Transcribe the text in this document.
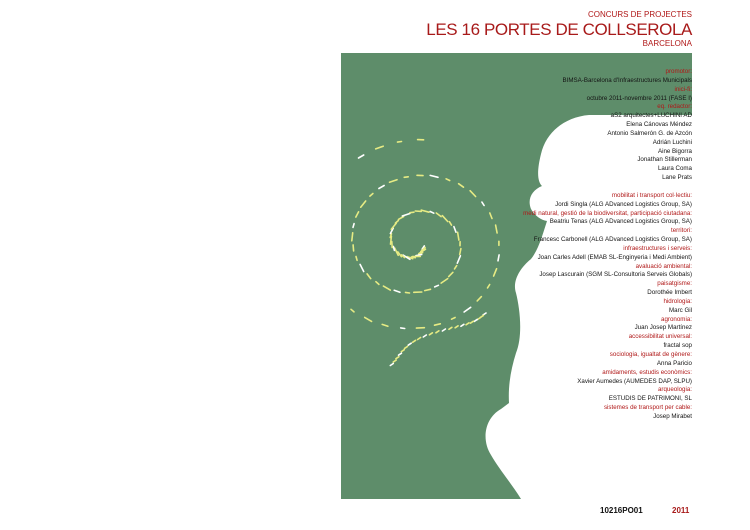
CONCURS DE PROJECTES
LES 16 PORTES DE COLLSEROLA
BARCELONA
promotor:
BIMSA-Barcelona d'Infraestructures Municipals
inici-fi:
octubre 2011-novembre 2011 (FASE I)
eq. redactor:
aS2 arquitectes+LUCHINI AD
Elena Cánovas Méndez
Antonio Salmerón G. de Azcón
Adrián Luchini
Aine Bigorra
Jonathan Stillerman
Laura Coma
Lane Prats

mobilitat i transport col·lectiu:
Jordi Singla (ALG ADvanced Logistics Group, SA)
medi natural, gestió de la biodiversitat, participació ciutadana:
Beatriu Tenas (ALG ADvanced Logistics Group, SA)
territori:
Francesc Carbonell (ALG ADvanced Logistics Group, SA)
infraestructures i serveis:
Joan Carles Adell (EMAB SL-Enginyeria i Medi Ambient)
avaluació ambiental:
Josep Lascurain (SGM SL-Consultoria Serveis Globals)
paisatgisme:
Dorothée Imbert
hidrologia:
Marc Gil
agronomia:
Juan Josep Martínez
accessibilitat universal:
fractal sop
sociologia, igualtat de gènere:
Anna Paricio
amidaments, estudis econòmics:
Xavier Aumedes (AUMEDES DAP, SLPU)
arqueologia:
ESTUDIS DE PATRIMONI, SL
sistemes de transport per cable:
Josep Mirabet
10216PO01	2011
